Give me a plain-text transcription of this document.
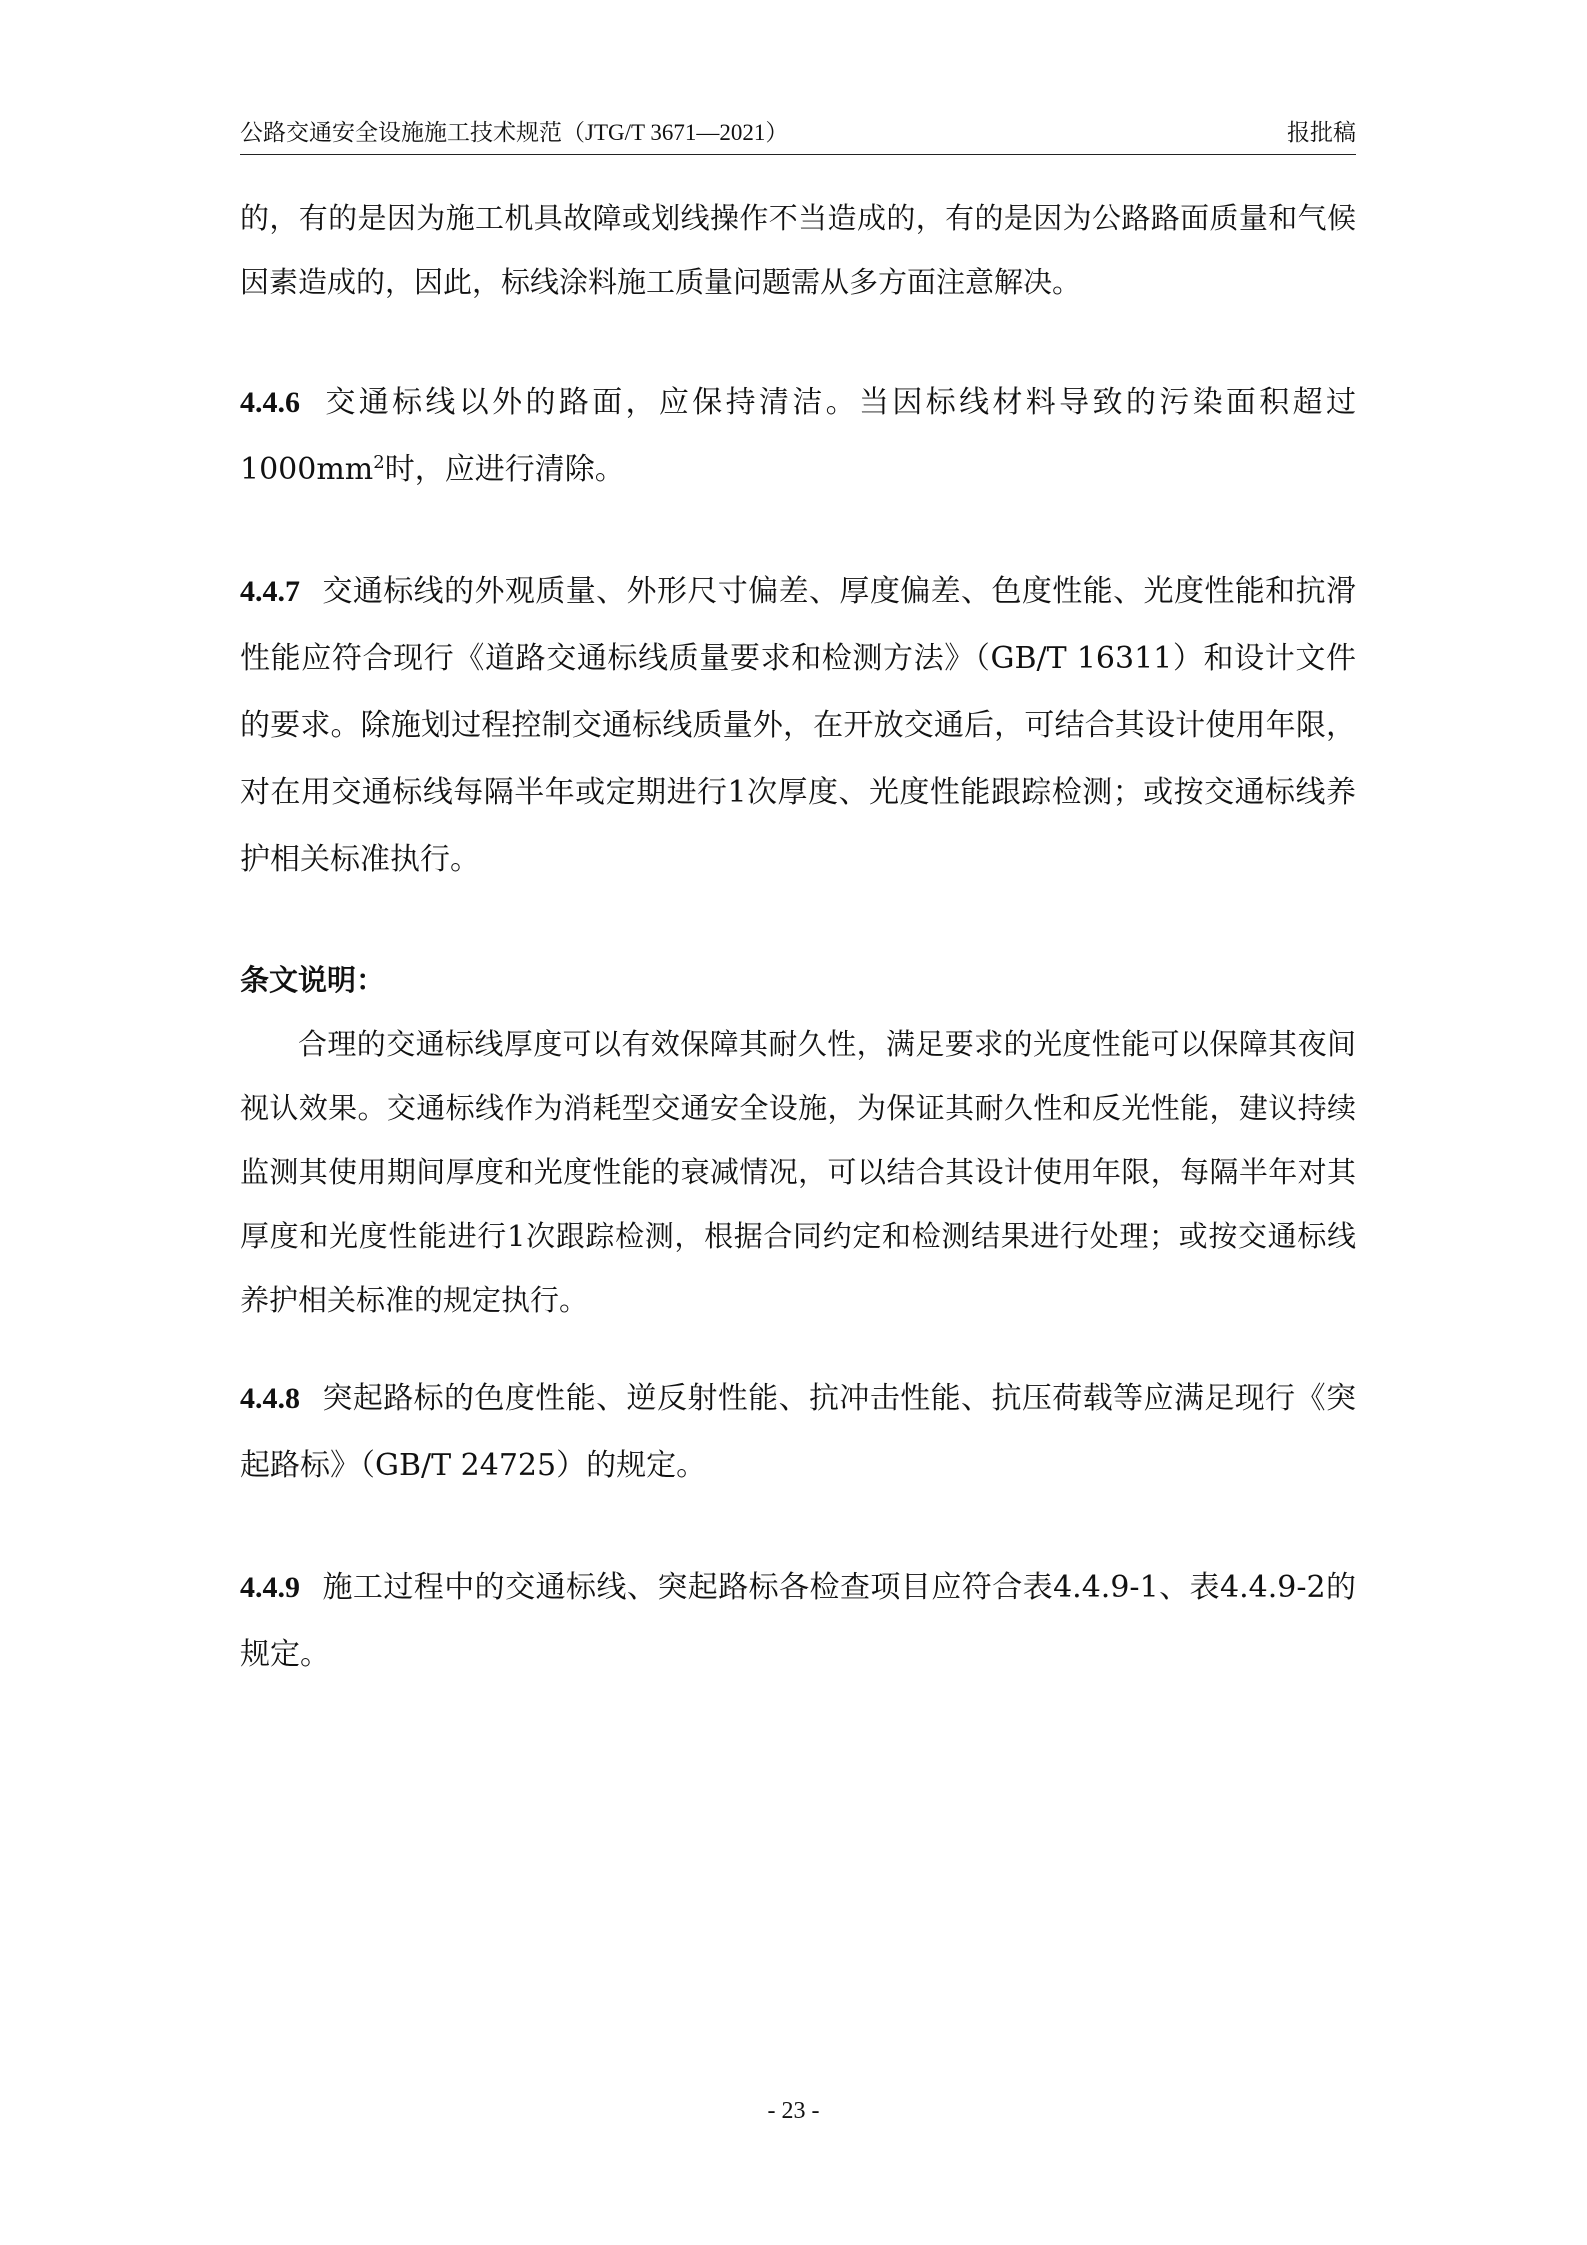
公路交通安全设施施工技术规范（JTG/T 3671—2021）	报批稿

的，有的是因为施工机具故障或划线操作不当造成的，有的是因为公路路面质量和气候因素造成的，因此，标线涂料施工质量问题需从多方面注意解决。

4.4.6 交通标线以外的路面，应保持清洁。当因标线材料导致的污染面积超过$1000mm^2$时，应进行清除。

4.4.7 交通标线的外观质量、外形尺寸偏差、厚度偏差、色度性能、光度性能和抗滑性能应符合现行《道路交通标线质量要求和检测方法》（GB/T 16311）和设计文件的要求。除施划过程控制交通标线质量外，在开放交通后，可结合其设计使用年限，对在用交通标线每隔半年或定期进行1次厚度、光度性能跟踪检测；或按交通标线养护相关标准执行。

条文说明：

合理的交通标线厚度可以有效保障其耐久性，满足要求的光度性能可以保障其夜间视认效果。交通标线作为消耗型交通安全设施，为保证其耐久性和反光性能，建议持续监测其使用期间厚度和光度性能的衰减情况，可以结合其设计使用年限，每隔半年对其厚度和光度性能进行1次跟踪检测，根据合同约定和检测结果进行处理；或按交通标线养护相关标准的规定执行。

4.4.8 突起路标的色度性能、逆反射性能、抗冲击性能、抗压荷载等应满足现行《突起路标》（GB/T 24725）的规定。

4.4.9 施工过程中的交通标线、突起路标各检查项目应符合表4.4.9-1、表4.4.9-2的规定。

- 23 -
